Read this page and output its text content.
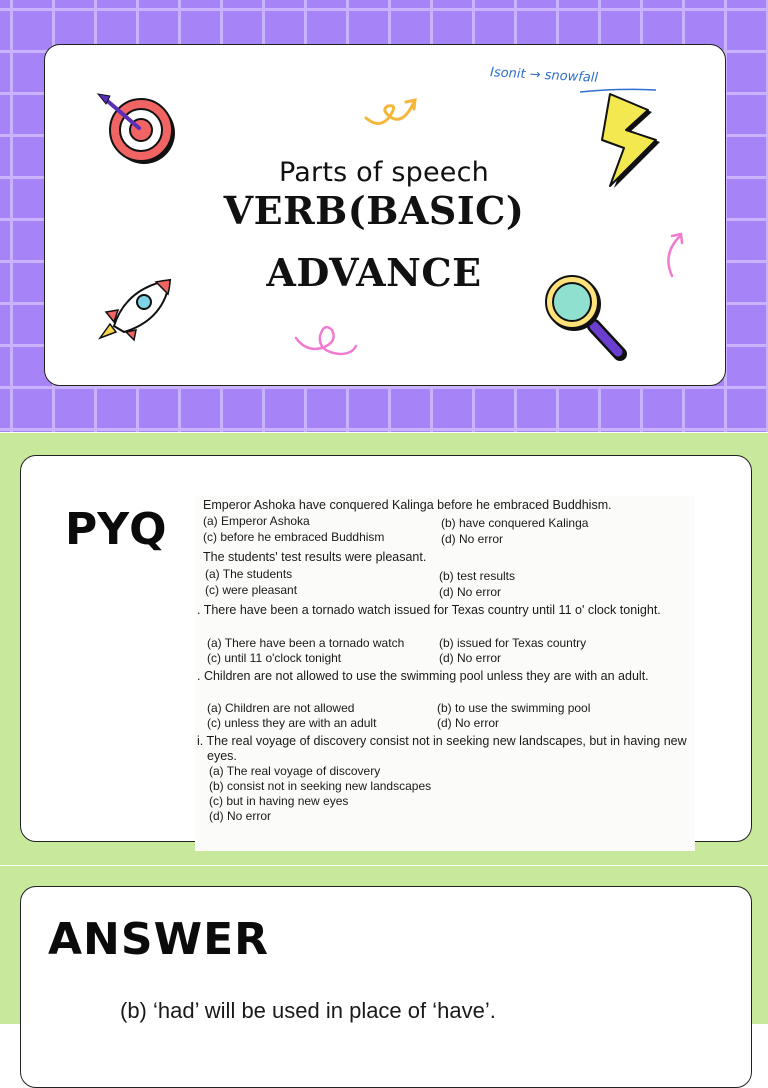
Parts of speech
VERB(BASIC)
ADVANCE
Isonit → snowfall
PYQ	Emperor Ashoka have conquered Kalinga before he embraced Buddhism.
(a) Emperor Ashoka	(b) have conquered Kalinga
(c) before he embraced Buddhism	(d) No error
The students' test results were pleasant.
(a) The students	(b) test results
(c) were pleasant	(d) No error
. There have been a tornado watch issued for Texas country until 11 o' clock tonight.
(a) There have been a tornado watch	(b) issued for Texas country
(c) until 11 o'clock tonight	(d) No error
. Children are not allowed to use the swimming pool unless they are with an adult.
(a) Children are not allowed	(b) to use the swimming pool
(c) unless they are with an adult	(d) No error
i. The real voyage of discovery consist not in seeking new landscapes, but in having new
eyes.
(a) The real voyage of discovery
(b) consist not in seeking new landscapes
(c) but in having new eyes
(d) No error
ANSWER
(b) ‘had’ will be used in place of ‘have’.
